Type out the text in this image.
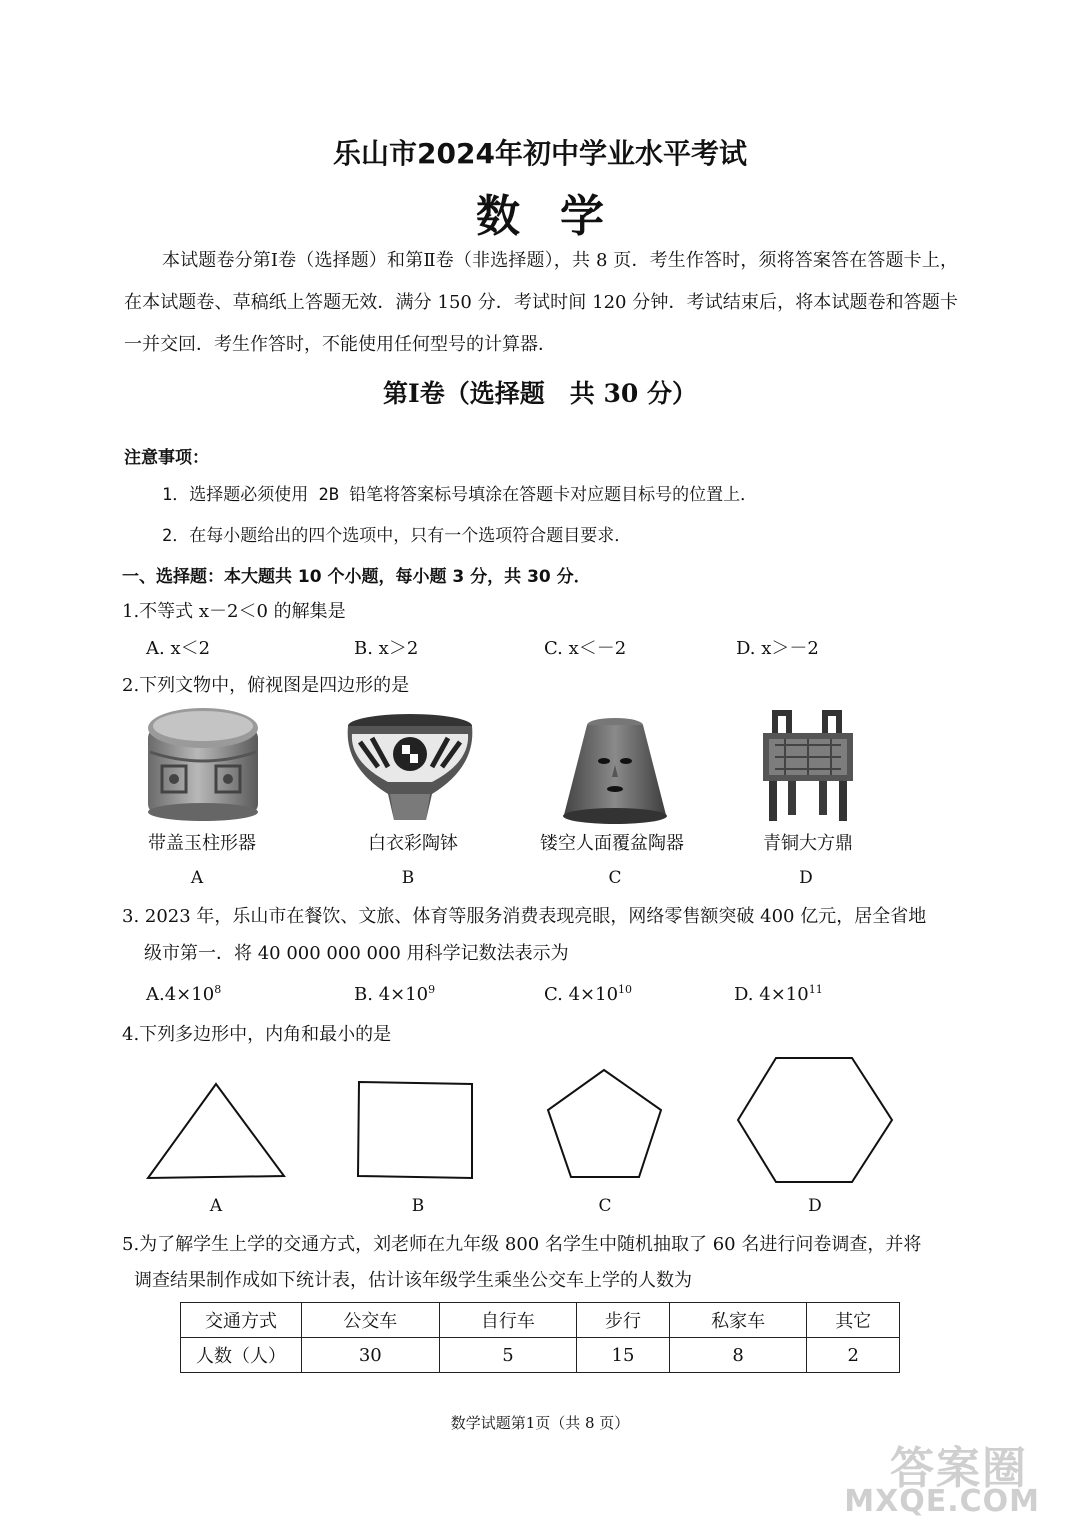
乐山市2024年初中学业水平考试
数学
本试题卷分第Ⅰ卷（选择题）和第Ⅱ卷（非选择题），共 8 页．考生作答时，须将答案答在答题卡上，在本试题卷、草稿纸上答题无效．满分 150 分．考试时间 120 分钟．考试结束后，将本试题卷和答题卡一并交回．考生作答时，不能使用任何型号的计算器．
第Ⅰ卷（选择题　共 30 分）
注意事项：
1．选择题必须使用 2B 铅笔将答案标号填涂在答题卡对应题目标号的位置上．
2．在每小题给出的四个选项中，只有一个选项符合题目要求．
一、选择题：本大题共 10 个小题，每小题 3 分，共 30 分．
1.不等式 x－2＜0 的解集是
A. x＜2	B. x＞2	C. x＜－2	D. x＞－2
2.下列文物中，俯视图是四边形的是
带盖玉柱形器	白衣彩陶钵	镂空人面覆盆陶器	青铜大方鼎
A	B	C	D
3. 2023 年，乐山市在餐饮、文旅、体育等服务消费表现亮眼，网络零售额突破 400 亿元，居全省地
级市第一．将 40 000 000 000 用科学记数法表示为
$A.4\times 10^8$	B. $4\times 10^9$	C. $4\times 10^{10}$	D. $4\times 10^{11}$
4.下列多边形中，内角和最小的是
A	B	C	D
5.为了解学生上学的交通方式，刘老师在九年级 800 名学生中随机抽取了 60 名进行问卷调查，并将
调查结果制作成如下统计表，估计该年级学生乘坐公交车上学的人数为
交通方式	公交车	自行车	步行	私家车	其它
人数（人）	30	5	15	8	2
数学试题第1页（共 8 页）
答案圈
MXQE.COM
